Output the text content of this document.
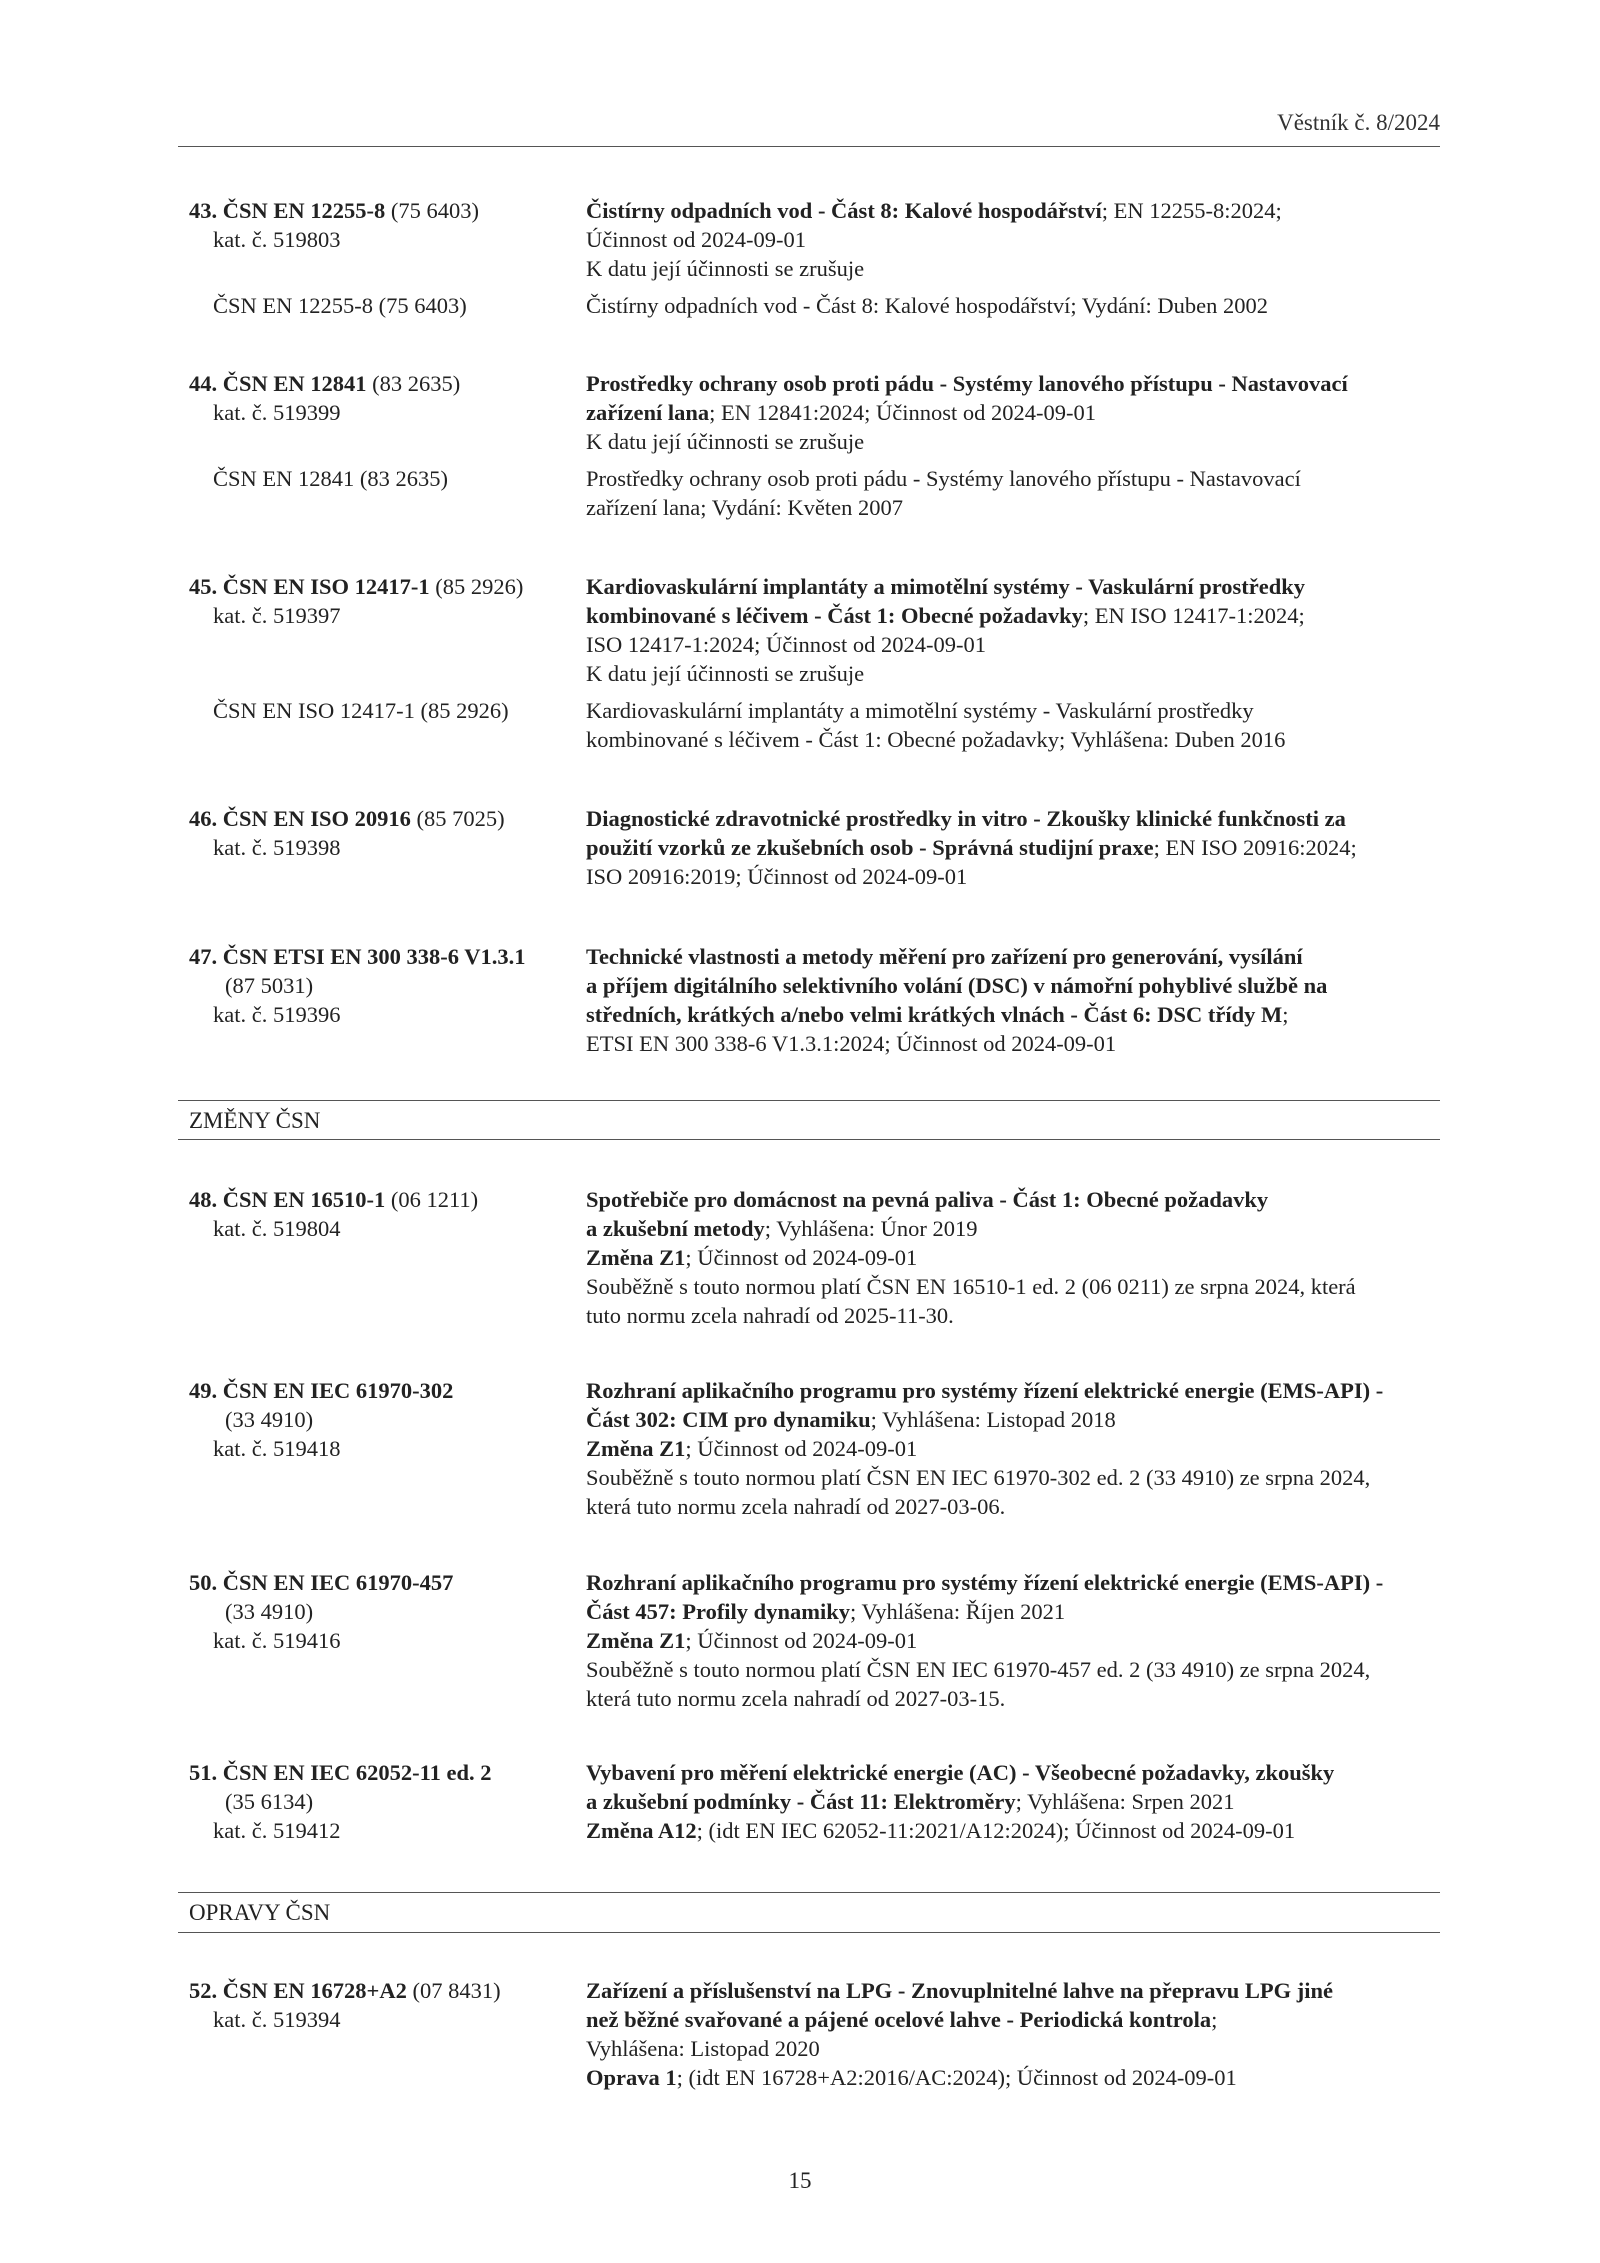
Věstník č. 8/2024
43. ČSN EN 12255-8 (75 6403)	Čistírny odpadních vod - Část 8: Kalové hospodářství; EN 12255-8:2024;
kat. č. 519803	Účinnost od 2024-09-01
K datu její účinnosti se zrušuje
ČSN EN 12255-8 (75 6403)	Čistírny odpadních vod - Část 8: Kalové hospodářství; Vydání: Duben 2002
44. ČSN EN 12841 (83 2635)	Prostředky ochrany osob proti pádu - Systémy lanového přístupu - Nastavovací
kat. č. 519399	zařízení lana; EN 12841:2024; Účinnost od 2024-09-01
K datu její účinnosti se zrušuje
ČSN EN 12841 (83 2635)	Prostředky ochrany osob proti pádu - Systémy lanového přístupu - Nastavovací
zařízení lana; Vydání: Květen 2007
45. ČSN EN ISO 12417-1 (85 2926)	Kardiovaskulární implantáty a mimotělní systémy - Vaskulární prostředky
kat. č. 519397	kombinované s léčivem - Část 1: Obecné požadavky; EN ISO 12417-1:2024;
ISO 12417-1:2024; Účinnost od 2024-09-01
K datu její účinnosti se zrušuje
ČSN EN ISO 12417-1 (85 2926)	Kardiovaskulární implantáty a mimotělní systémy - Vaskulární prostředky
kombinované s léčivem - Část 1: Obecné požadavky; Vyhlášena: Duben 2016
46. ČSN EN ISO 20916 (85 7025)	Diagnostické zdravotnické prostředky in vitro - Zkoušky klinické funkčnosti za
kat. č. 519398	použití vzorků ze zkušebních osob - Správná studijní praxe; EN ISO 20916:2024;
ISO 20916:2019; Účinnost od 2024-09-01
47. ČSN ETSI EN 300 338-6 V1.3.1	Technické vlastnosti a metody měření pro zařízení pro generování, vysílání
(87 5031)	a příjem digitálního selektivního volání (DSC) v námořní pohyblivé službě na
kat. č. 519396	středních, krátkých a/nebo velmi krátkých vlnách - Část 6: DSC třídy M;
ETSI EN 300 338-6 V1.3.1:2024; Účinnost od 2024-09-01
ZMĚNY ČSN
48. ČSN EN 16510-1 (06 1211)	Spotřebiče pro domácnost na pevná paliva - Část 1: Obecné požadavky
kat. č. 519804	a zkušební metody; Vyhlášena: Únor 2019
Změna Z1; Účinnost od 2024-09-01
Souběžně s touto normou platí ČSN EN 16510-1 ed. 2 (06 0211) ze srpna 2024, která
tuto normu zcela nahradí od 2025-11-30.
49. ČSN EN IEC 61970-302	Rozhraní aplikačního programu pro systémy řízení elektrické energie (EMS-API) -
(33 4910)	Část 302: CIM pro dynamiku; Vyhlášena: Listopad 2018
kat. č. 519418	Změna Z1; Účinnost od 2024-09-01
Souběžně s touto normou platí ČSN EN IEC 61970-302 ed. 2 (33 4910) ze srpna 2024,
která tuto normu zcela nahradí od 2027-03-06.
50. ČSN EN IEC 61970-457	Rozhraní aplikačního programu pro systémy řízení elektrické energie (EMS-API) -
(33 4910)	Část 457: Profily dynamiky; Vyhlášena: Říjen 2021
kat. č. 519416	Změna Z1; Účinnost od 2024-09-01
Souběžně s touto normou platí ČSN EN IEC 61970-457 ed. 2 (33 4910) ze srpna 2024,
která tuto normu zcela nahradí od 2027-03-15.
51. ČSN EN IEC 62052-11 ed. 2	Vybavení pro měření elektrické energie (AC) - Všeobecné požadavky, zkoušky
(35 6134)	a zkušební podmínky - Část 11: Elektroměry; Vyhlášena: Srpen 2021
kat. č. 519412	Změna A12; (idt EN IEC 62052-11:2021/A12:2024); Účinnost od 2024-09-01
OPRAVY ČSN
52. ČSN EN 16728+A2 (07 8431)	Zařízení a příslušenství na LPG - Znovuplnitelné lahve na přepravu LPG jiné
kat. č. 519394	než běžné svařované a pájené ocelové lahve - Periodická kontrola;
Vyhlášena: Listopad 2020
Oprava 1; (idt EN 16728+A2:2016/AC:2024); Účinnost od 2024-09-01
15
